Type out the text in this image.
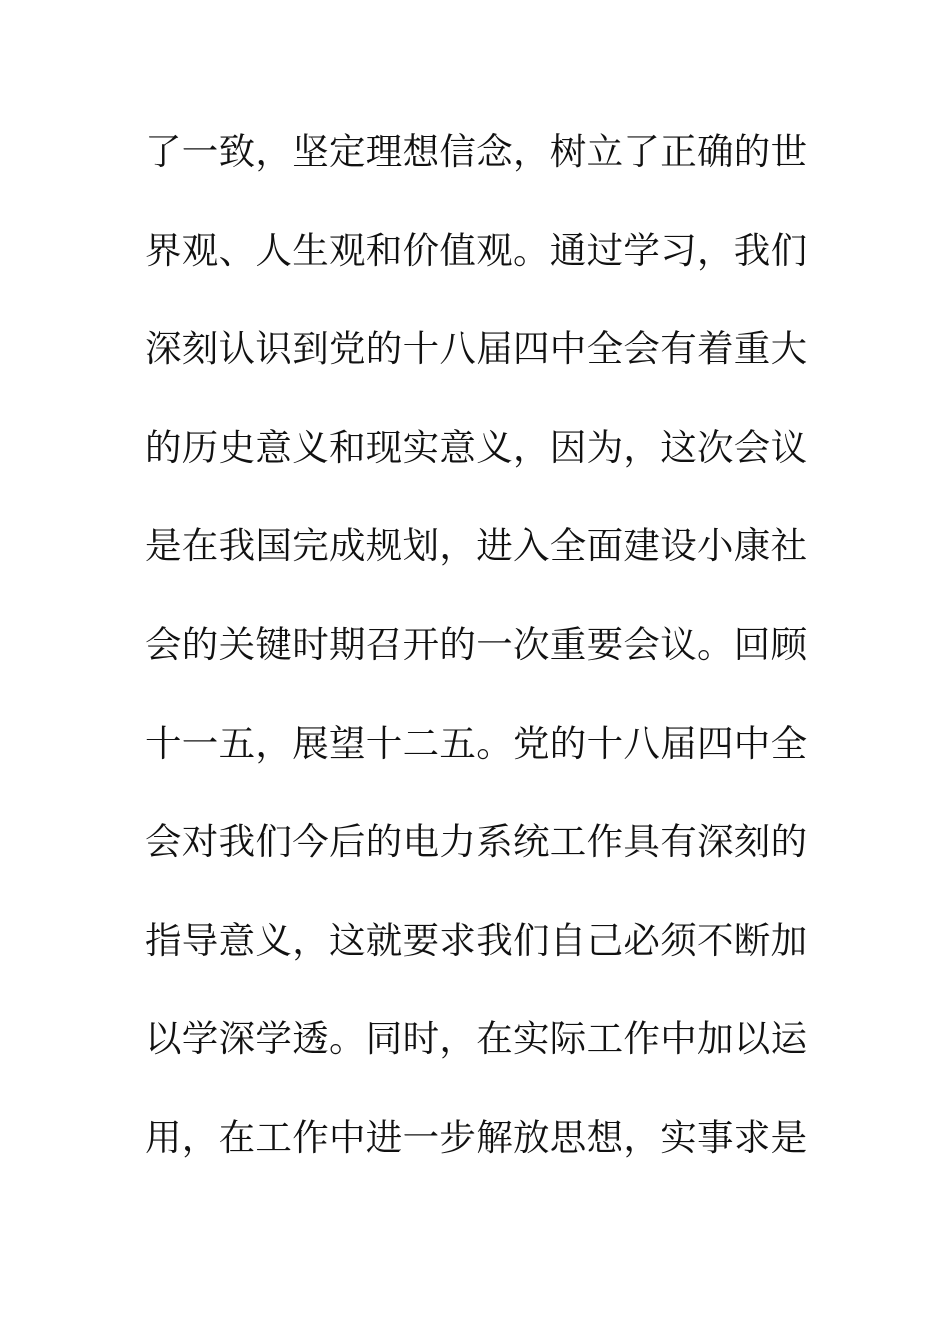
了一致，坚定理想信念，树立了正确的世
界观、人生观和价值观。通过学习，我们
深刻认识到党的十八届四中全会有着重大
的历史意义和现实意义，因为，这次会议
是在我国完成规划，进入全面建设小康社
会的关键时期召开的一次重要会议。回顾
十一五，展望十二五。党的十八届四中全
会对我们今后的电力系统工作具有深刻的
指导意义，这就要求我们自己必须不断加
以学深学透。同时，在实际工作中加以运
用，在工作中进一步解放思想，实事求是
